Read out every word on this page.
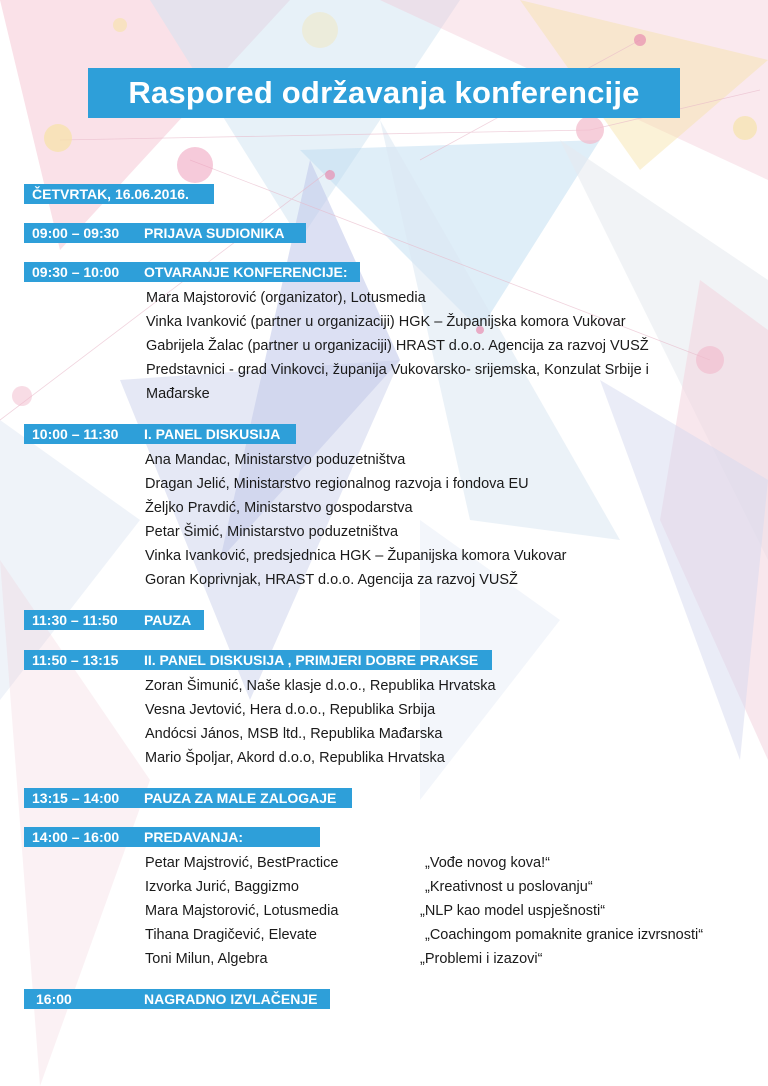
Raspored održavanja konferencije
ČETVRTAK, 16.06.2016.
09:00 – 09:30 PRIJAVA SUDIONIKA
09:30 – 10:00 OTVARANJE KONFERENCIJE:
Mara Majstorović (organizator), Lotusmedia
Vinka Ivanković (partner u organizaciji) HGK – Županijska komora Vukovar
Gabrijela Žalac (partner u organizaciji) HRAST d.o.o. Agencija za razvoj VUSŽ
Predstavnici - grad Vinkovci, županija Vukovarsko- srijemska, Konzulat Srbije i
Mađarske
10:00 – 11:30 I. PANEL DISKUSIJA
Ana Mandac, Ministarstvo poduzetništva
Dragan Jelić, Ministarstvo regionalnog razvoja i fondova EU
Željko Pravdić, Ministarstvo gospodarstva
Petar Šimić, Ministarstvo poduzetništva
Vinka Ivanković, predsjednica HGK – Županijska komora Vukovar
Goran Koprivnjak, HRAST d.o.o. Agencija za razvoj VUSŽ
11:30 – 11:50 PAUZA
11:50 – 13:15 II. PANEL DISKUSIJA , PRIMJERI DOBRE PRAKSE
Zoran Šimunić, Naše klasje d.o.o., Republika Hrvatska
Vesna Jevtović, Hera d.o.o., Republika Srbija
Andócsi János, MSB ltd., Republika Mađarska
Mario Špoljar, Akord d.o.o, Republika Hrvatska
13:15 – 14:00 PAUZA ZA MALE ZALOGAJE
14:00 – 16:00 PREDAVANJA:
Petar Majstrović, BestPractice	„Vođe novog kova!“
Izvorka Jurić, Baggizmo	„Kreativnost u poslovanju“
Mara Majstorović, Lotusmedia	„NLP kao model uspješnosti“
Tihana Dragičević, Elevate	„Coachingom pomaknite granice izvrsnosti“
Toni Milun, Algebra	„Problemi i izazovi“
16:00	NAGRADNO IZVLAČENJE
